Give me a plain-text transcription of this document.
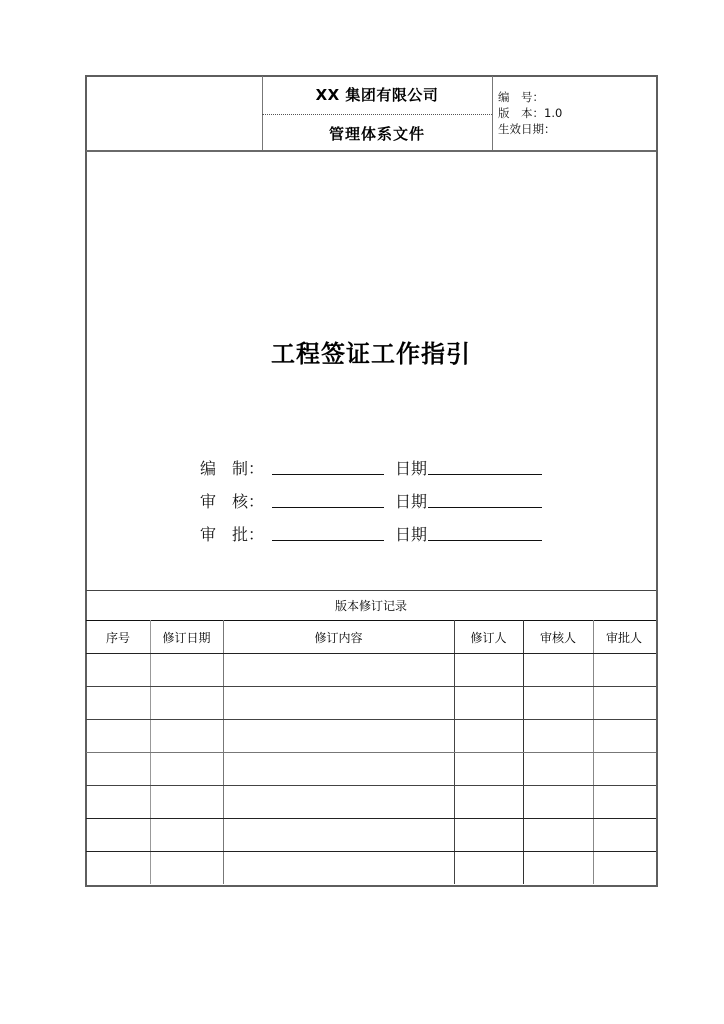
XX 集团有限公司
管理体系文件
编　号：
版　本：1.0
生效日期：
工程签证工作指引
编　制：	日期
审　核：	日期
审　批：	日期
版本修订记录
序号	修订日期	修订内容	修订人	审核人	审批人
